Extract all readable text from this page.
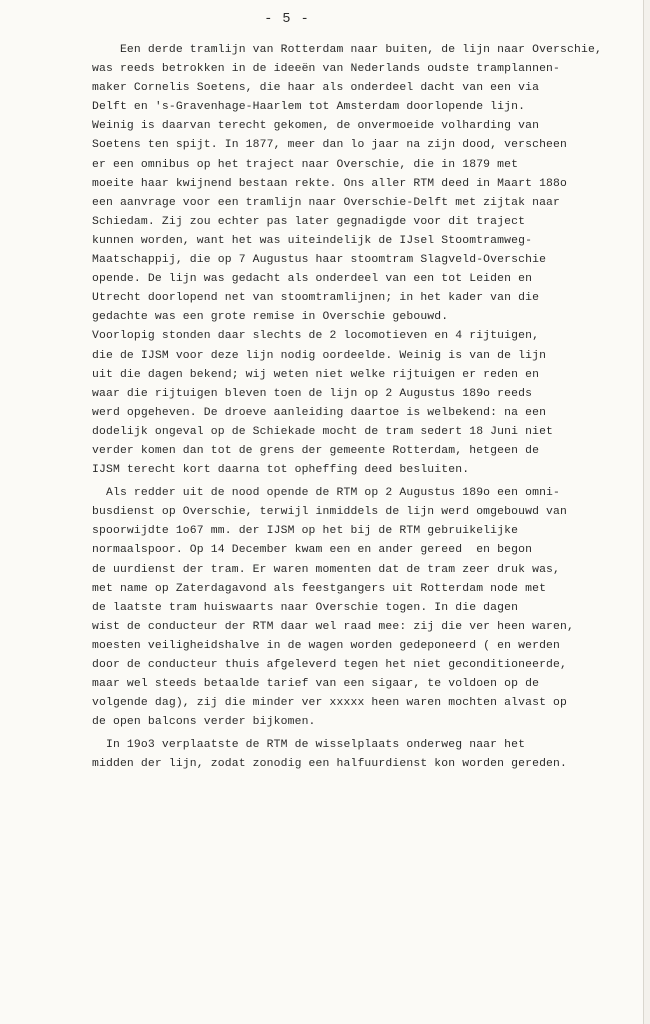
- 5 -
Een derde tramlijn van Rotterdam naar buiten, de lijn naar Overschie,
was reeds betrokken in de ideeën van Nederlands oudste tramplannen-
maker Cornelis Soetens, die haar als onderdeel dacht van een via
Delft en 's-Gravenhage-Haarlem tot Amsterdam doorlopende lijn.
Weinig is daarvan terecht gekomen, de onvermoeide volharding van
Soetens ten spijt. In 1877, meer dan lo jaar na zijn dood, verscheen
er een omnibus op het traject naar Overschie, die in 1879 met
moeite haar kwijnend bestaan rekte. Ons aller RTM deed in Maart 188o
een aanvrage voor een tramlijn naar Overschie-Delft met zijtak naar
Schiedam. Zij zou echter pas later gegnadigde voor dit traject
kunnen worden, want het was uiteindelijk de IJsel Stoomtramweg-
Maatschappij, die op 7 Augustus haar stoomtram Slagveld-Overschie
opende. De lijn was gedacht als onderdeel van een tot Leiden en
Utrecht doorlopend net van stoomtramlijnen; in het kader van die
gedachte was een grote remise in Overschie gebouwd.
Voorlopig stonden daar slechts de 2 locomotieven en 4 rijtuigen,
die de IJSM voor deze lijn nodig oordeelde. Weinig is van de lijn
uit die dagen bekend; wij weten niet welke rijtuigen er reden en
waar die rijtuigen bleven toen de lijn op 2 Augustus 189o reeds
werd opgeheven. De droeve aanleiding daartoe is welbekend: na een
dodelijk ongeval op de Schiekade mocht de tram sedert 18 Juni niet
verder komen dan tot de grens der gemeente Rotterdam, hetgeen de
IJSM terecht kort daarna tot opheffing deed besluiten.
Als redder uit de nood opende de RTM op 2 Augustus 189o een omni-
busdienst op Overschie, terwijl inmiddels de lijn werd omgebouwd van
spoorwijdte 1o67 mm. der IJSM op het bij de RTM gebruikelijke
normaalspoor. Op 14 December kwam een en ander gereed  en begon
de uurdienst der tram. Er waren momenten dat de tram zeer druk was,
met name op Zaterdagavond als feestgangers uit Rotterdam node met
de laatste tram huiswaarts naar Overschie togen. In die dagen
wist de conducteur der RTM daar wel raad mee: zij die ver heen waren,
moesten veiligheidshalve in de wagen worden gedeponeerd ( en werden
door de conducteur thuis afgeleverd tegen het niet geconditioneerde,
maar wel steeds betaalde tarief van een sigaar, te voldoen op de
volgende dag), zij die minder ver xxxxx heen waren mochten alvast op
de open balcons verder bijkomen.
In 19o3 verplaatste de RTM de wisselplaats onderweg naar het
midden der lijn, zodat zonodig een halfuurdienst kon worden gereden.
